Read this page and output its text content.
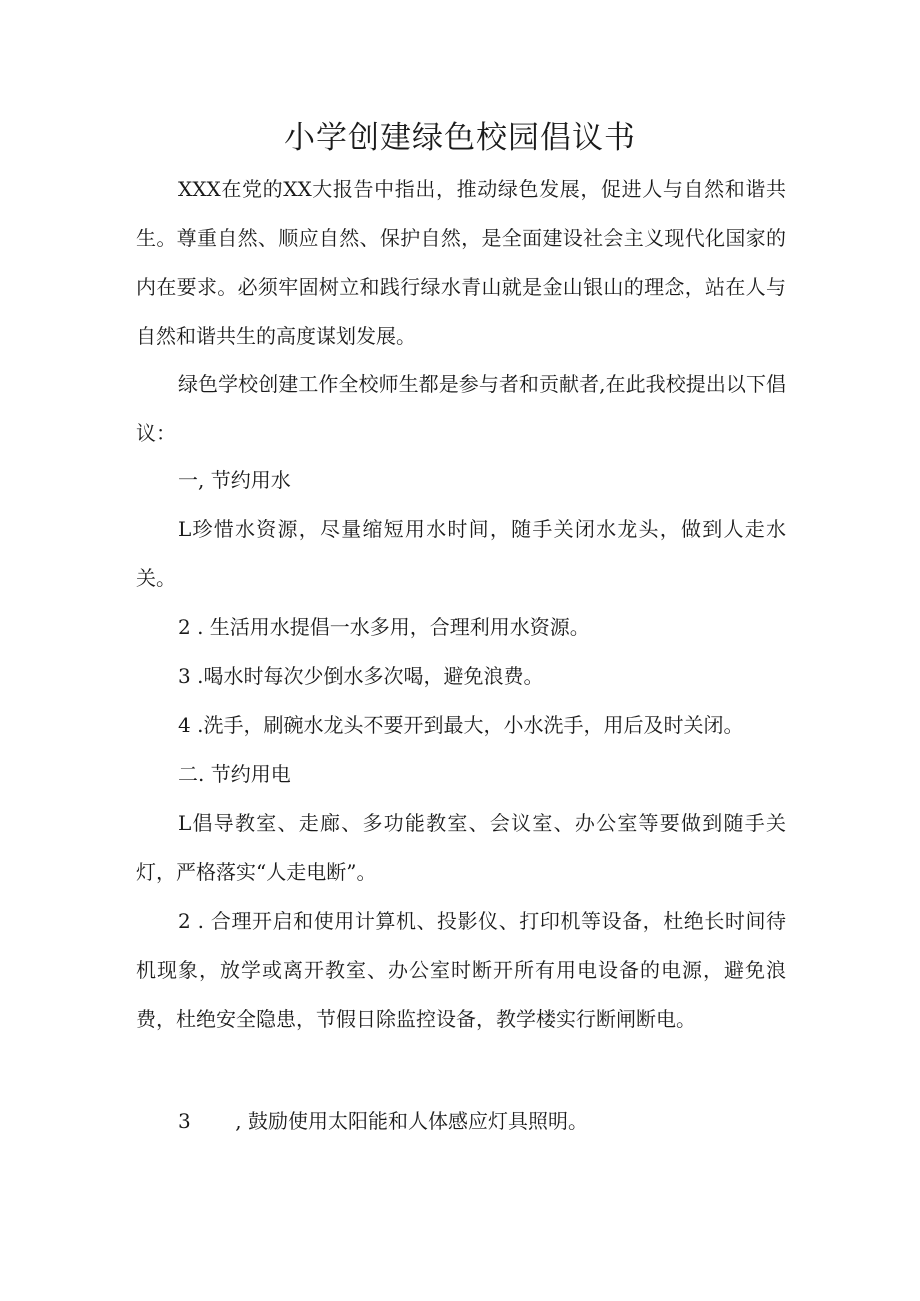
小学创建绿色校园倡议书

XXX在党的XX大报告中指出，推动绿色发展，促进人与自然和谐共生。尊重自然、顺应自然、保护自然，是全面建设社会主义现代化国家的内在要求。必须牢固树立和践行绿水青山就是金山银山的理念，站在人与自然和谐共生的高度谋划发展。

绿色学校创建工作全校师生都是参与者和贡献者,在此我校提出以下倡议：

一, 节约用水

L珍惜水资源，尽量缩短用水时间，随手关闭水龙头，做到人走水关。

2 . 生活用水提倡一水多用，合理利用水资源。

3 .喝水时每次少倒水多次喝，避免浪费。

4 .洗手，刷碗水龙头不要开到最大，小水洗手，用后及时关闭。

二. 节约用电

L倡导教室、走廊、多功能教室、会议室、办公室等要做到随手关灯，严格落实“人走电断”。

2 . 合理开启和使用计算机、投影仪、打印机等设备，杜绝长时间待机现象，放学或离开教室、办公室时断开所有用电设备的电源，避免浪费，杜绝安全隐患，节假日除监控设备，教学楼实行断闸断电。

3       , 鼓励使用太阳能和人体感应灯具照明。
